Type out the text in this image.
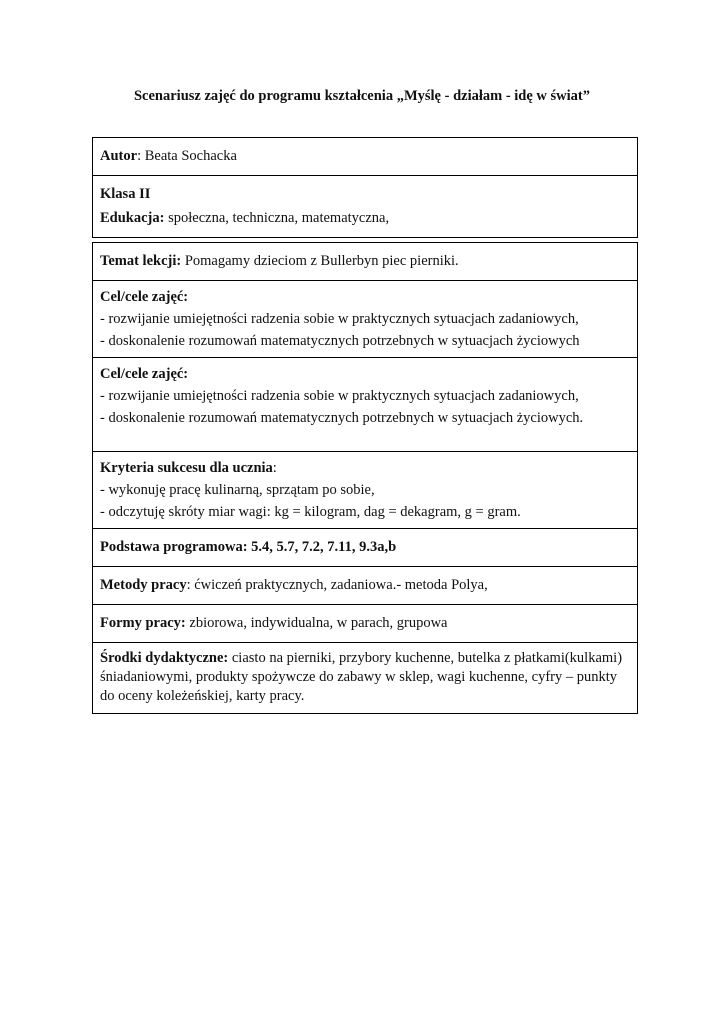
Scenariusz zajęć do programu kształcenia „Myślę - działam - idę w świat”
Autor: Beata Sochacka
Klasa II
Edukacja: społeczna, techniczna, matematyczna,
Temat lekcji: Pomagamy dzieciom z Bullerbyn piec pierniki.
Cel/cele zajęć:
- rozwijanie umiejętności radzenia sobie w praktycznych sytuacjach zadaniowych,
- doskonalenie rozumowań matematycznych potrzebnych w sytuacjach życiowych
Cel/cele zajęć:
- rozwijanie umiejętności radzenia sobie w praktycznych sytuacjach zadaniowych,
- doskonalenie rozumowań matematycznych potrzebnych w sytuacjach życiowych.
Kryteria sukcesu dla ucznia:
- wykonuję pracę kulinarną, sprzątam po sobie,
- odczytuję skróty miar wagi: kg = kilogram, dag = dekagram, g = gram.
Podstawa programowa: 5.4, 5.7, 7.2, 7.11, 9.3a,b
Metody pracy: ćwiczeń praktycznych, zadaniowa.- metoda Polya,
Formy pracy: zbiorowa, indywidualna, w parach, grupowa
Środki dydaktyczne: ciasto na pierniki, przybory kuchenne, butelka z płatkami(kulkami) śniadaniowymi, produkty spożywcze do zabawy w sklep, wagi kuchenne, cyfry – punkty do oceny koleżeńskiej, karty pracy.
